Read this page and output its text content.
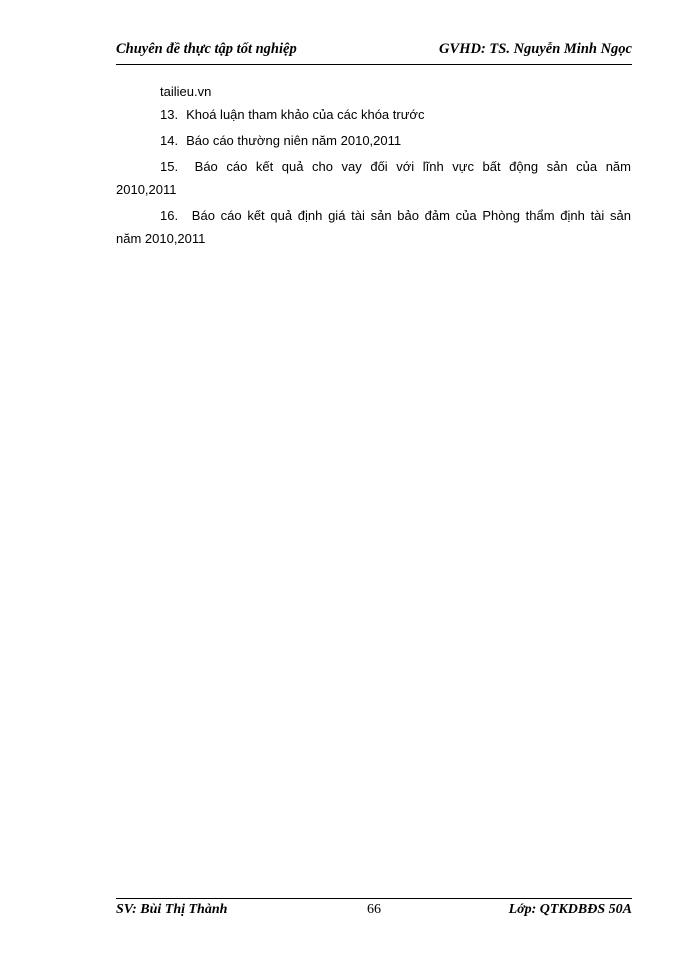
Chuyên đề thực tập tốt nghiệp	GVHD: TS. Nguyễn Minh Ngọc
tailieu.vn
13. Khoá luận tham khảo của các khóa trước
14. Báo cáo thường niên năm 2010,2011
15. Báo cáo kết quả cho vay đối với lĩnh vực bất động sản của năm
2010,2011
16. Báo cáo kết quả định giá tài sản bảo đảm của Phòng thẩm định tài sản
năm 2010,2011
SV: Bùi Thị Thành	66	Lớp: QTKDBĐS 50A
